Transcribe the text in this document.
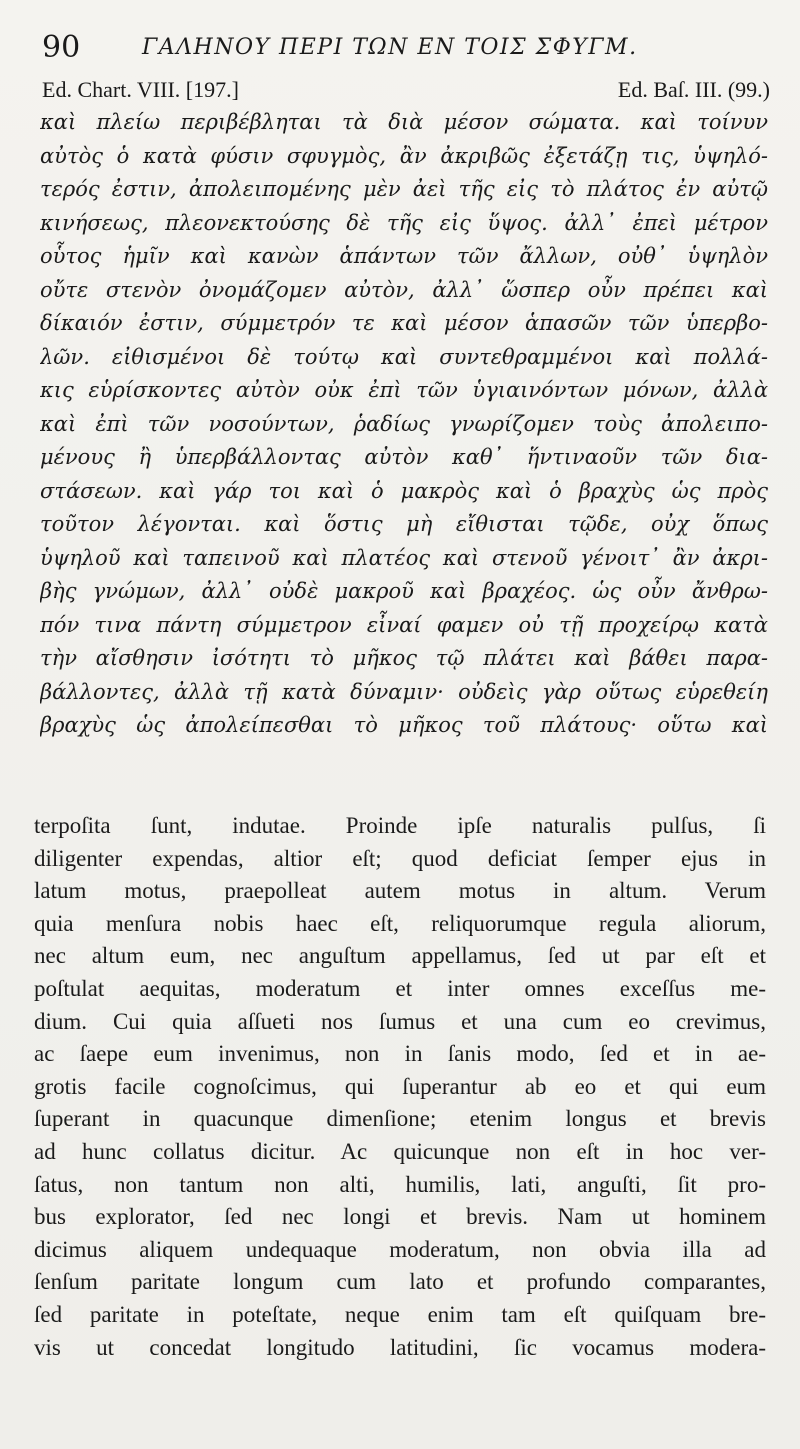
90	ΓΑΛΗΝΟΥ ΠΕΡΙ ΤΩΝ ΕΝ ΤΟΙΣ ΣΦΥΓΜ.
Ed. Chart. VIII. [197.]	Ed. Baſ. III. (99.)
καὶ πλείω περιβέβληται τὰ διὰ μέσον σώματα. καὶ τοίνυν
αὐτὸς ὁ κατὰ φύσιν σφυγμὸς, ἂν ἀκριβῶς ἐξετάζῃ τις, ὑψηλό-
τερός ἐστιν, ἀπολειπομένης μὲν ἀεὶ τῆς εἰς τὸ πλάτος ἐν αὐτῷ
κινήσεως, πλεονεκτούσης δὲ τῆς εἰς ὕψος. ἀλλ᾽ ἐπεὶ μέτρον
οὗτος ἡμῖν καὶ κανὼν ἁπάντων τῶν ἄλλων, οὐθ᾽ ὑψηλὸν
οὔτε στενὸν ὀνομάζομεν αὐτὸν, ἀλλ᾽ ὥσπερ οὖν πρέπει καὶ
δίκαιόν ἐστιν, σύμμετρόν τε καὶ μέσον ἁπασῶν τῶν ὑπερβο-
λῶν. εἰθισμένοι δὲ τούτῳ καὶ συντεθραμμένοι καὶ πολλά-
κις εὑρίσκοντες αὐτὸν οὐκ ἐπὶ τῶν ὑγιαινόντων μόνων, ἀλλὰ
καὶ ἐπὶ τῶν νοσούντων, ῥαδίως γνωρίζομεν τοὺς ἀπολειπο-
μένους ἢ ὑπερβάλλοντας αὐτὸν καθ᾽ ἥντιναοῦν τῶν δια-
στάσεων. καὶ γάρ τοι καὶ ὁ μακρὸς καὶ ὁ βραχὺς ὡς πρὸς
τοῦτον λέγονται. καὶ ὅστις μὴ εἴθισται τῷδε, οὐχ ὅπως
ὑψηλοῦ καὶ ταπεινοῦ καὶ πλατέος καὶ στενοῦ γένοιτ᾽ ἂν ἀκρι-
βὴς γνώμων, ἀλλ᾽ οὐδὲ μακροῦ καὶ βραχέος. ὡς οὖν ἄνθρω-
πόν τινα πάντη σύμμετρον εἶναί φαμεν οὐ τῇ προχείρῳ κατὰ
τὴν αἴσθησιν ἰσότητι τὸ μῆκος τῷ πλάτει καὶ βάθει παρα-
βάλλοντες, ἀλλὰ τῇ κατὰ δύναμιν· οὐδεὶς γὰρ οὕτως εὑρεθείη
βραχὺς ὡς ἀπολείπεσθαι τὸ μῆκος τοῦ πλάτους· οὕτω καὶ
terpoſita ſunt, indutae. Proinde ipſe naturalis pulſus, ſi
diligenter expendas, altior eſt; quod deficiat ſemper ejus in
latum motus, praepolleat autem motus in altum. Verum
quia menſura nobis haec eſt, reliquorumque regula aliorum,
nec altum eum, nec anguſtum appellamus, ſed ut par eſt et
poſtulat aequitas, moderatum et inter omnes exceſſus me-
dium. Cui quia aſſueti nos ſumus et una cum eo crevimus,
ac ſaepe eum invenimus, non in ſanis modo, ſed et in ae-
grotis facile cognoſcimus, qui ſuperantur ab eo et qui eum
ſuperant in quacunque dimenſione; etenim longus et brevis
ad hunc collatus dicitur. Ac quicunque non eſt in hoc ver-
ſatus, non tantum non alti, humilis, lati, anguſti, ſit pro-
bus explorator, ſed nec longi et brevis. Nam ut hominem
dicimus aliquem undequaque moderatum, non obvia illa ad
ſenſum paritate longum cum lato et profundo comparantes,
ſed paritate in poteſtate, neque enim tam eſt quiſquam bre-
vis ut concedat longitudo latitudini, ſic vocamus modera-
